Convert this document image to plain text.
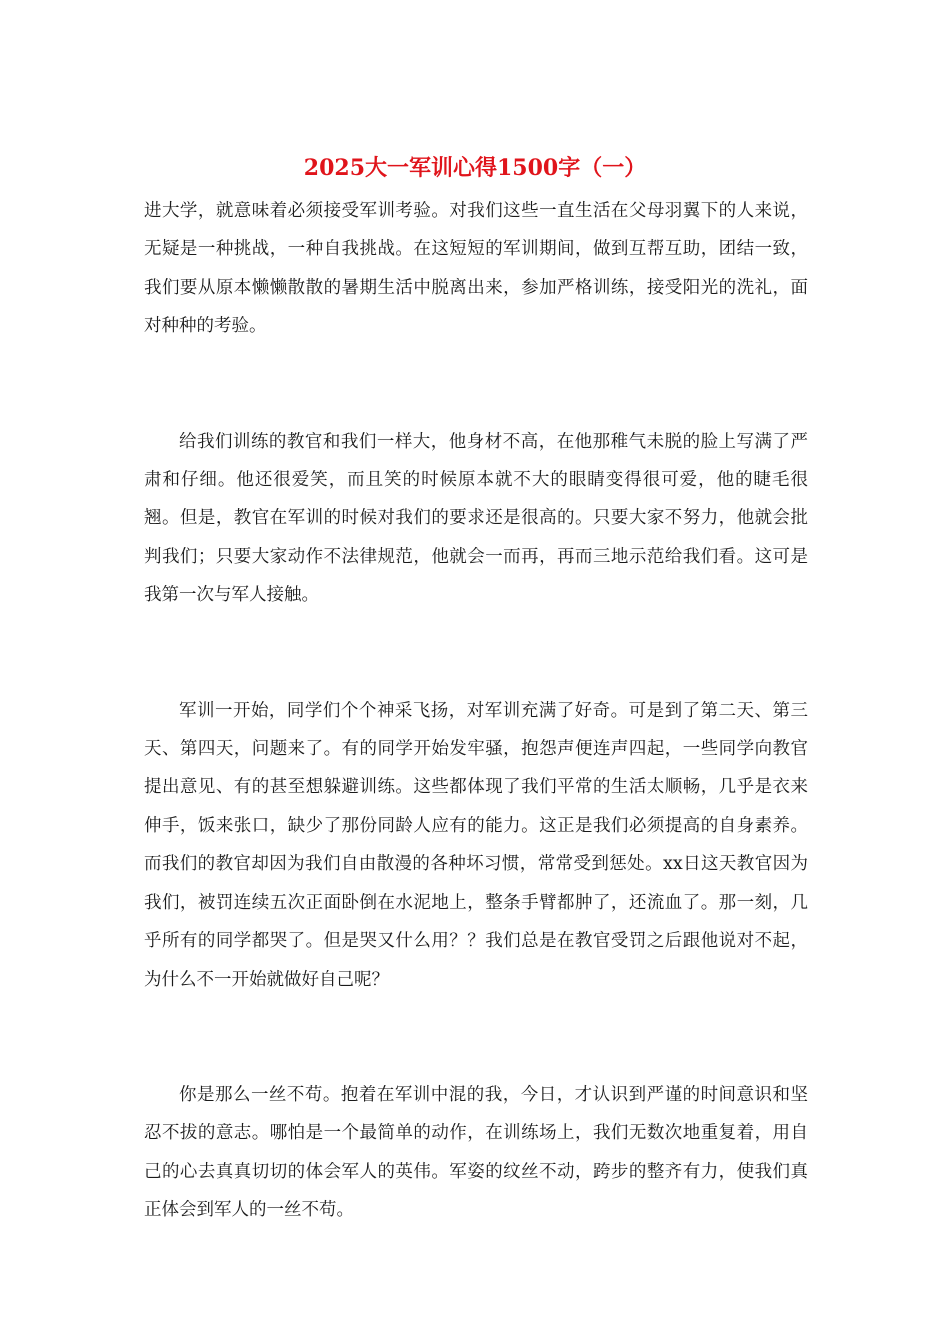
2025大一军训心得1500字（一）

进大学，就意味着必须接受军训考验。对我们这些一直生活在父母羽翼下的人来说，无疑是一种挑战，一种自我挑战。在这短短的军训期间，做到互帮互助，团结一致，我们要从原本懒懒散散的暑期生活中脱离出来，参加严格训练，接受阳光的洗礼，面对种种的考验。

给我们训练的教官和我们一样大，他身材不高，在他那稚气未脱的脸上写满了严肃和仔细。他还很爱笑，而且笑的时候原本就不大的眼睛变得很可爱，他的睫毛很翘。但是，教官在军训的时候对我们的要求还是很高的。只要大家不努力，他就会批判我们；只要大家动作不法律规范，他就会一而再，再而三地示范给我们看。这可是我第一次与军人接触。

军训一开始，同学们个个神采飞扬，对军训充满了好奇。可是到了第二天、第三天、第四天，问题来了。有的同学开始发牢骚，抱怨声便连声四起，一些同学向教官提出意见、有的甚至想躲避训练。这些都体现了我们平常的生活太顺畅，几乎是衣来伸手，饭来张口，缺少了那份同龄人应有的能力。这正是我们必须提高的自身素养。而我们的教官却因为我们自由散漫的各种坏习惯，常常受到惩处。xx日这天教官因为我们，被罚连续五次正面卧倒在水泥地上，整条手臂都肿了，还流血了。那一刻，几乎所有的同学都哭了。但是哭又什么用？？我们总是在教官受罚之后跟他说对不起，为什么不一开始就做好自己呢？

你是那么一丝不苟。抱着在军训中混的我，今日，才认识到严谨的时间意识和坚忍不拔的意志。哪怕是一个最简单的动作，在训练场上，我们无数次地重复着，用自己的心去真真切切的体会军人的英伟。军姿的纹丝不动，跨步的整齐有力，使我们真正体会到军人的一丝不苟。
